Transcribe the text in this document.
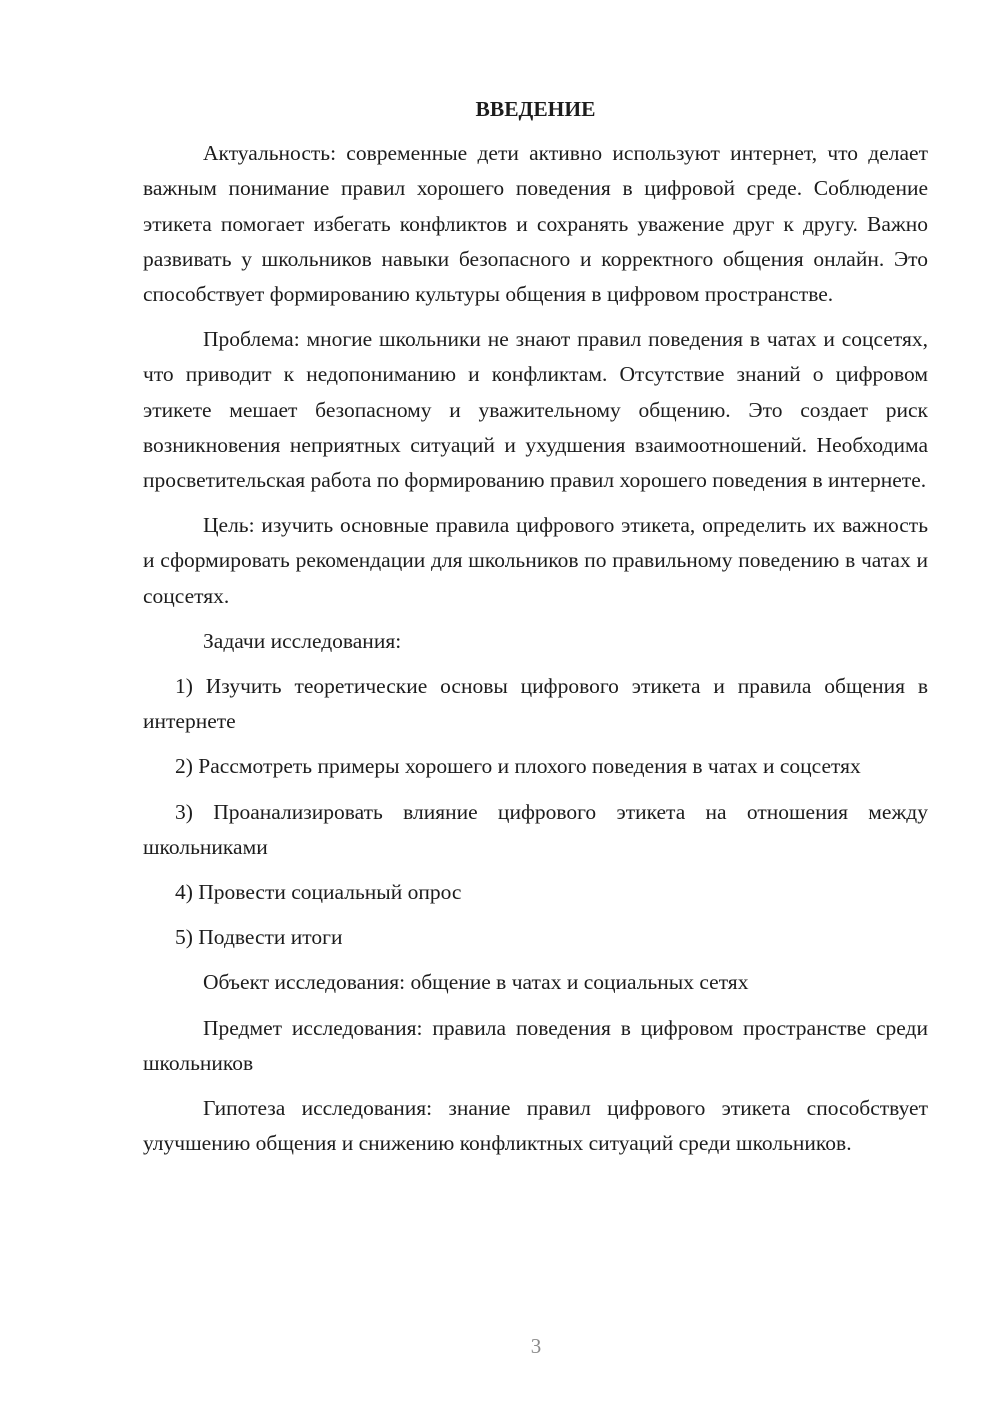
ВВЕДЕНИЕ

Актуальность: современные дети активно используют интернет, что делает важным понимание правил хорошего поведения в цифровой среде. Соблюдение этикета помогает избегать конфликтов и сохранять уважение друг к другу. Важно развивать у школьников навыки безопасного и корректного общения онлайн. Это способствует формированию культуры общения в цифровом пространстве.

Проблема: многие школьники не знают правил поведения в чатах и соцсетях, что приводит к недопониманию и конфликтам. Отсутствие знаний о цифровом этикете мешает безопасному и уважительному общению. Это создает риск возникновения неприятных ситуаций и ухудшения взаимоотношений. Необходима просветительская работа по формированию правил хорошего поведения в интернете.

Цель: изучить основные правила цифрового этикета, определить их важность и сформировать рекомендации для школьников по правильному поведению в чатах и соцсетях.

Задачи исследования:

1) Изучить теоретические основы цифрового этикета и правила общения в интернете

2) Рассмотреть примеры хорошего и плохого поведения в чатах и соцсетях

3) Проанализировать влияние цифрового этикета на отношения между школьниками

4) Провести социальный опрос

5) Подвести итоги

Объект исследования: общение в чатах и социальных сетях

Предмет исследования: правила поведения в цифровом пространстве среди школьников

Гипотеза исследования: знание правил цифрового этикета способствует улучшению общения и снижению конфликтных ситуаций среди школьников.

3
